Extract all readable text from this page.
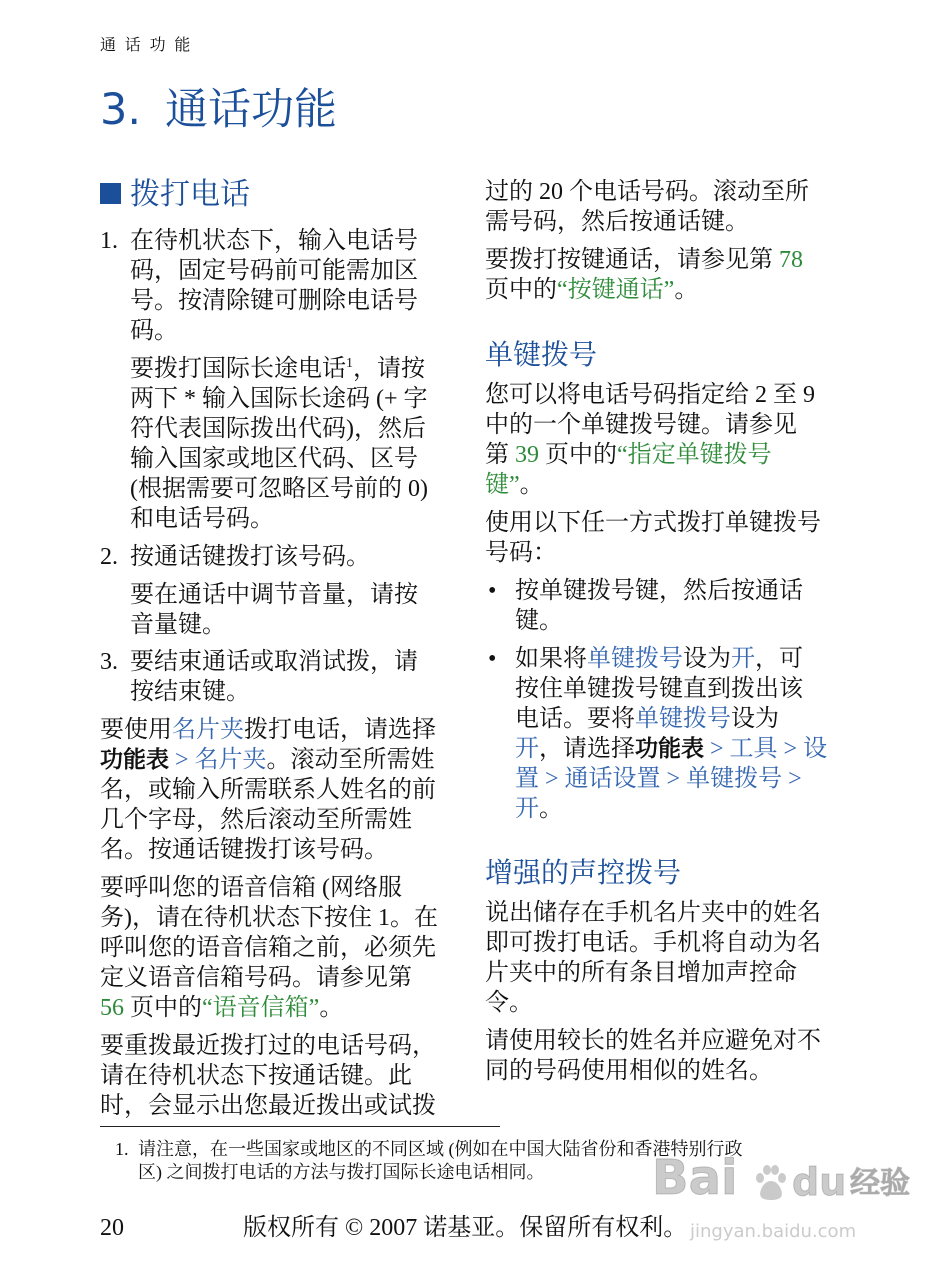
通话功能
3. 通话功能
拨打电话
1. 在待机状态下，输入电话号
码，固定号码前可能需加区
号。按清除键可删除电话号
码。
要拨打国际长途电话$^1$，请按
两下 * 输入国际长途码 (+ 字
符代表国际拨出代码)，然后
输入国家或地区代码、区号
(根据需要可忽略区号前的 0)
和电话号码。
2. 按通话键拨打该号码。
要在通话中调节音量，请按
音量键。
3. 要结束通话或取消试拨，请
按结束键。
要使用名片夹拨打电话，请选择
功能表 > 名片夹。滚动至所需姓
名，或输入所需联系人姓名的前
几个字母，然后滚动至所需姓
名。按通话键拨打该号码。
要呼叫您的语音信箱 (网络服
务)，请在待机状态下按住 1。在
呼叫您的语音信箱之前，必须先
定义语音信箱号码。请参见第
56 页中的“语音信箱”。
要重拨最近拨打过的电话号码，
请在待机状态下按通话键。此
时，会显示出您最近拨出或试拨
过的 20 个电话号码。滚动至所
需号码，然后按通话键。
要拨打按键通话，请参见第 78
页中的“按键通话”。
单键拨号
您可以将电话号码指定给 2 至 9
中的一个单键拨号键。请参见
第 39 页中的“指定单键拨号
键”。
使用以下任一方式拨打单键拨号
号码：
• 按单键拨号键，然后按通话
键。
• 如果将单键拨号设为开，可
按住单键拨号键直到拨出该
电话。要将单键拨号设为
开，请选择功能表 > 工具 > 设
置 > 通话设置 > 单键拨号 >
开。
增强的声控拨号
说出储存在手机名片夹中的姓名
即可拨打电话。手机将自动为名
片夹中的所有条目增加声控命
令。
请使用较长的姓名并应避免对不
同的号码使用相似的姓名。
1. 请注意，在一些国家或地区的不同区域 (例如在中国大陆省份和香港特别行政
区) 之间拨打电话的方法与拨打国际长途电话相同。
20	版权所有 © 2007 诺基亚。保留所有权利。
Bai du 经验
jingyan.baidu.com
